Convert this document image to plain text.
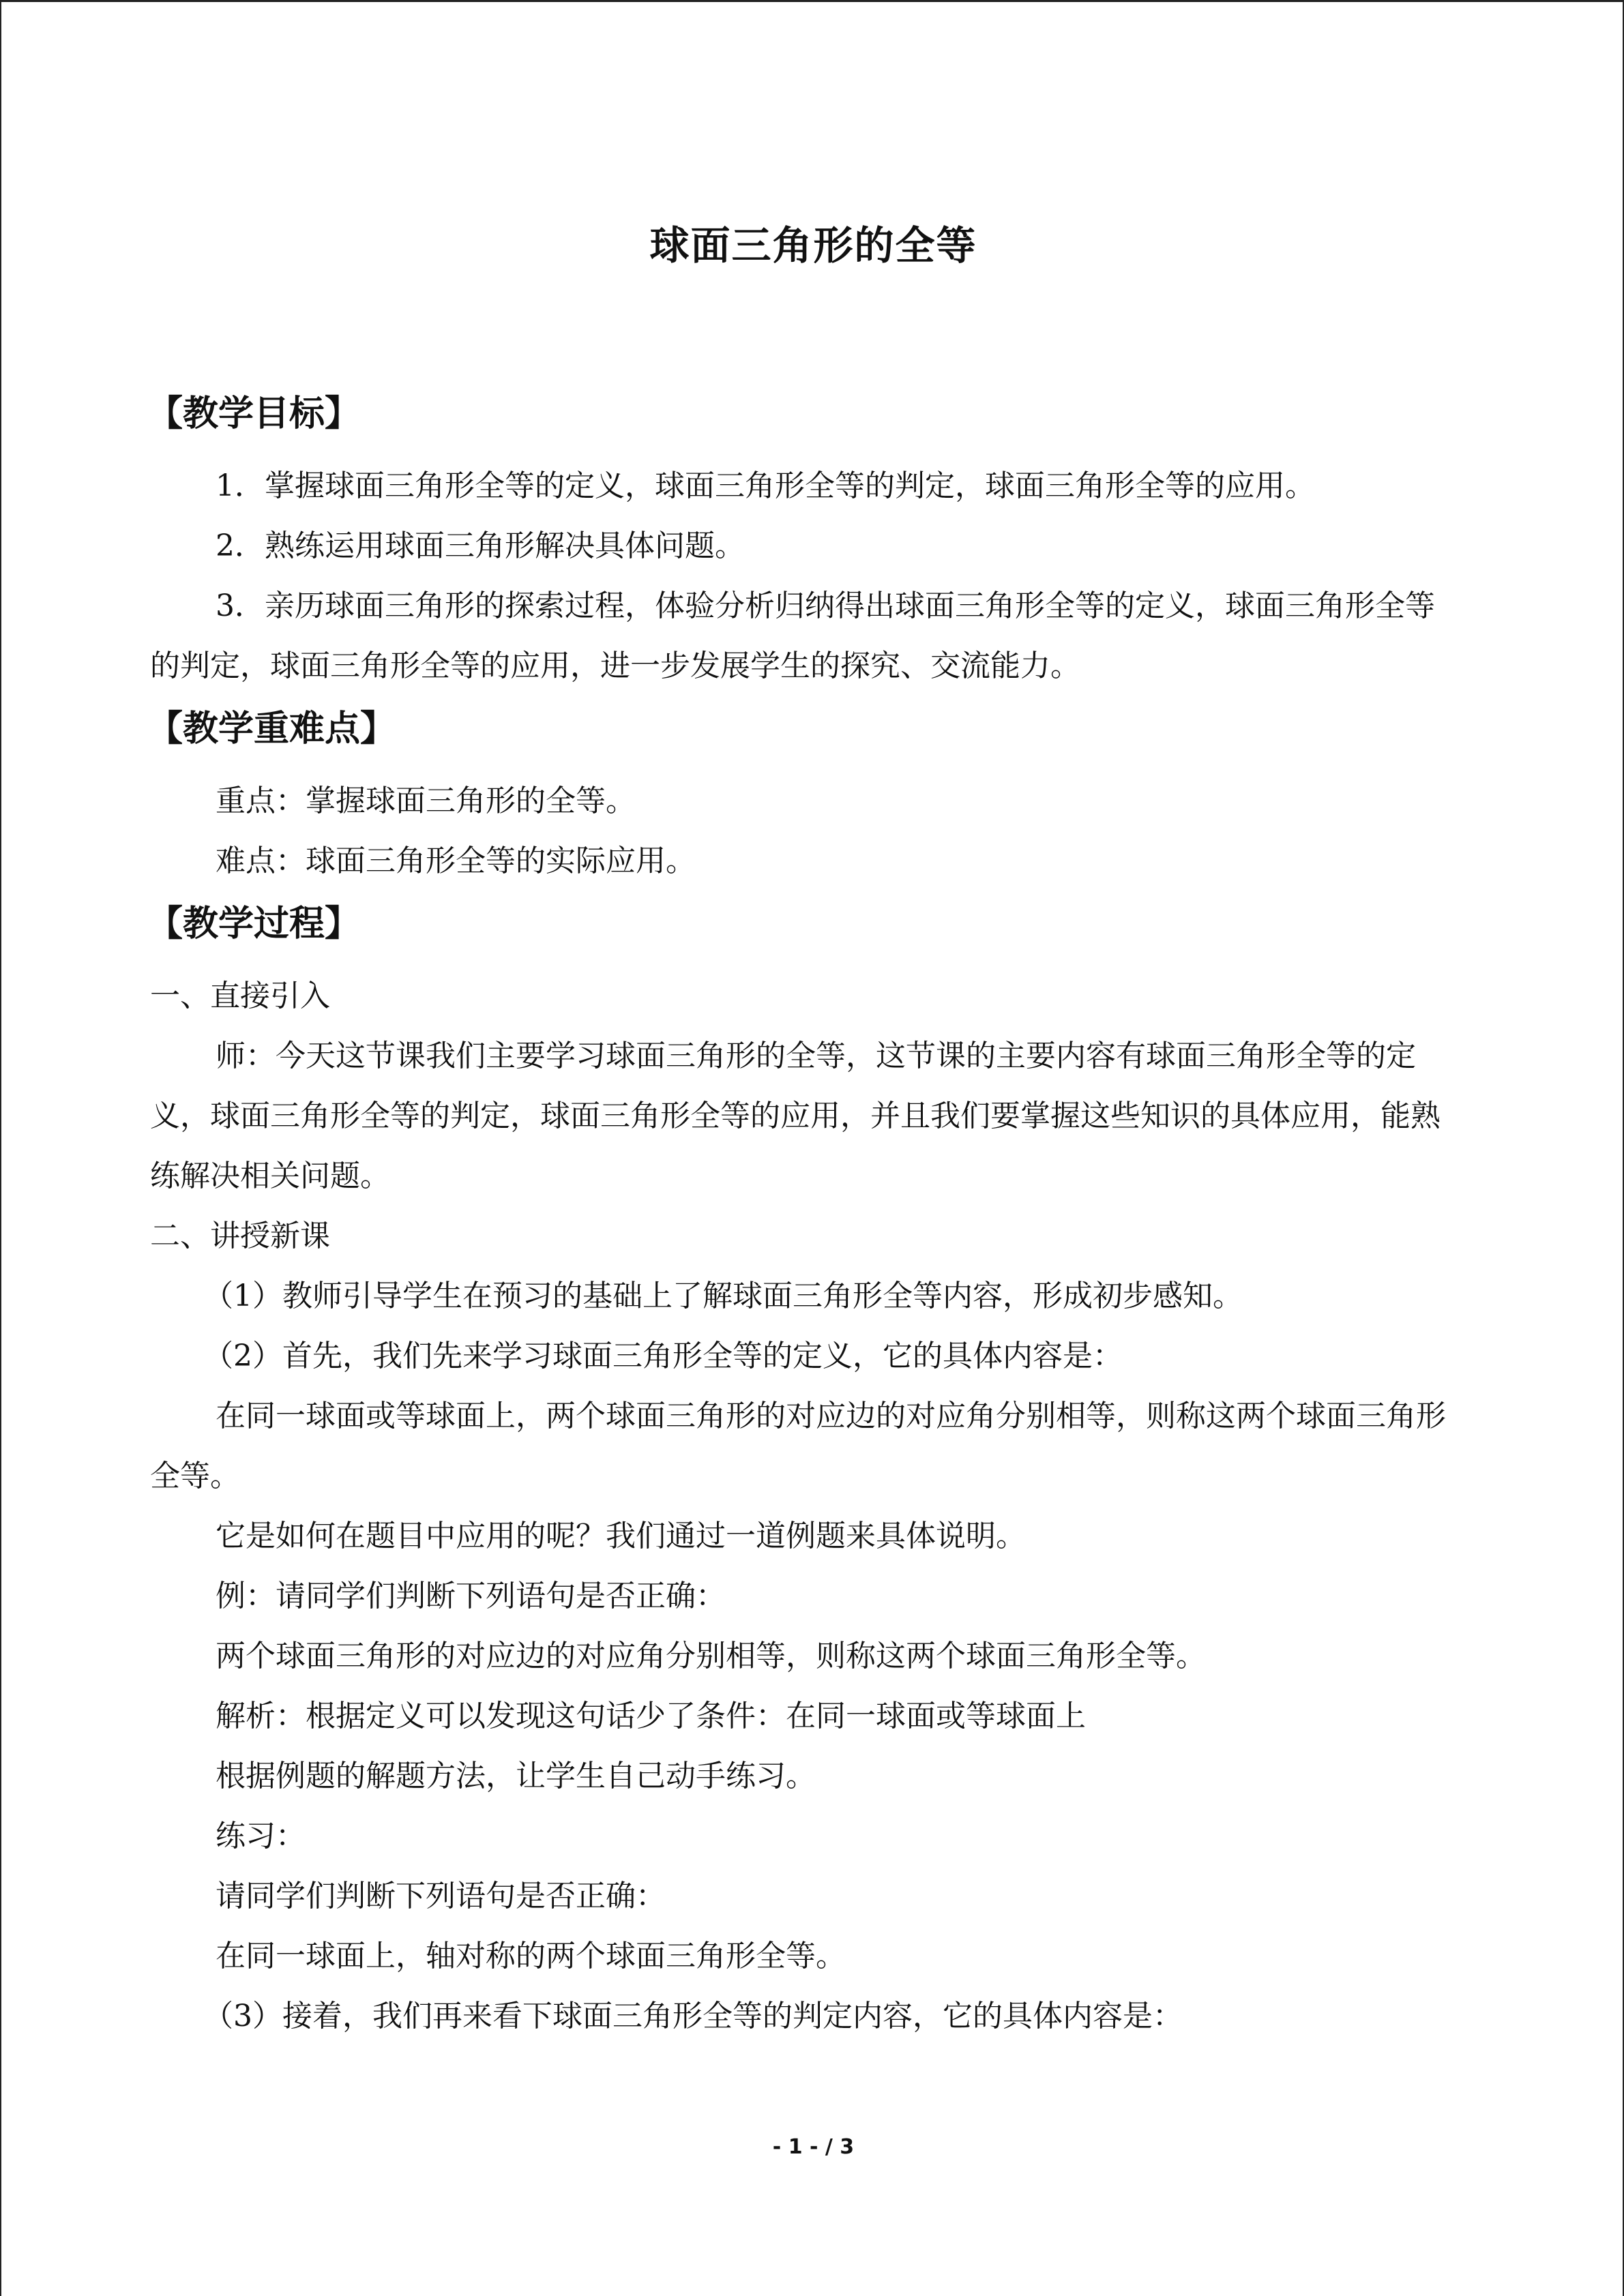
球面三角形的全等
【教学目标】

1．掌握球面三角形全等的定义，球面三角形全等的判定，球面三角形全等的应用。

2．熟练运用球面三角形解决具体问题。

3．亲历球面三角形的探索过程，体验分析归纳得出球面三角形全等的定义，球面三角形全等的判定，球面三角形全等的应用，进一步发展学生的探究、交流能力。

【教学重难点】

重点：掌握球面三角形的全等。

难点：球面三角形全等的实际应用。

【教学过程】

一、直接引入

师：今天这节课我们主要学习球面三角形的全等，这节课的主要内容有球面三角形全等的定义，球面三角形全等的判定，球面三角形全等的应用，并且我们要掌握这些知识的具体应用，能熟练解决相关问题。

二、讲授新课

（1）教师引导学生在预习的基础上了解球面三角形全等内容，形成初步感知。

（2）首先，我们先来学习球面三角形全等的定义，它的具体内容是：

在同一球面或等球面上，两个球面三角形的对应边的对应角分别相等，则称这两个球面三角形全等。

它是如何在题目中应用的呢？我们通过一道例题来具体说明。

例：请同学们判断下列语句是否正确：

两个球面三角形的对应边的对应角分别相等，则称这两个球面三角形全等。

解析：根据定义可以发现这句话少了条件：在同一球面或等球面上

根据例题的解题方法，让学生自己动手练习。

练习：

请同学们判断下列语句是否正确：

在同一球面上，轴对称的两个球面三角形全等。

（3）接着，我们再来看下球面三角形全等的判定内容，它的具体内容是：

- 1 - / 3
